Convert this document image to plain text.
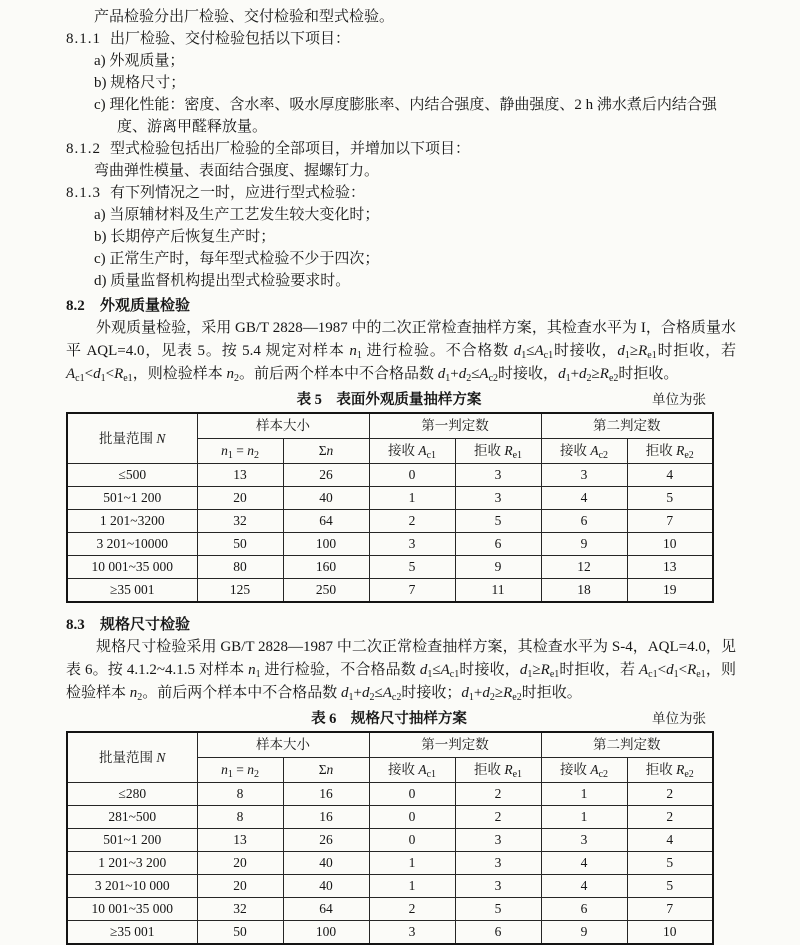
产品检验分出厂检验、交付检验和型式检验。

8.1.1 出厂检验、交付检验包括以下项目：

a) 外观质量；

b) 规格尺寸；

c) 理化性能：密度、含水率、吸水厚度膨胀率、内结合强度、静曲强度、2 h 沸水煮后内结合强度、游离甲醛释放量。

8.1.2 型式检验包括出厂检验的全部项目，并增加以下项目：

弯曲弹性模量、表面结合强度、握螺钉力。

8.1.3 有下列情况之一时，应进行型式检验：

a) 当原辅材料及生产工艺发生较大变化时；

b) 长期停产后恢复生产时；

c) 正常生产时，每年型式检验不少于四次；

d) 质量监督机构提出型式检验要求时。

8.2 外观质量检验

外观质量检验，采用 GB/T 2828—1987 中的二次正常检查抽样方案，其检查水平为 I，合格质量水平 AQL=4.0，见表 5。按 5.4 规定对样本 $n_1$ 进行检验。不合格数 $d_1\le A_{c1}$时接收，$d_1\ge R_{e1}$时拒收，若 $A_{c1}<d_1<R_{e1}$，则检验样本 $n_2$。前后两个样本中不合格品数 $d_1+d_2\le A_{c2}$时接收，$d_1+d_2\ge R_{e2}$时拒收。

表 5　表面外观质量抽样方案	单位为张
批量范围 N	样本大小		第一判定数		第二判定数	
	$n_1 = n_2$	Σn	接收 $A_{c1}$	拒收 $R_{e1}$	接收 $A_{c2}$	拒收 $R_{e2}$
≤500	13	26	0	3	3	4
501~1 200	20	40	1	3	4	5
1 201~3200	32	64	2	5	6	7
3 201~10000	50	100	3	6	9	10
10 001~35 000	80	160	5	9	12	13
≥35 001	125	250	7	11	18	19

8.3 规格尺寸检验

规格尺寸检验采用 GB/T 2828—1987 中二次正常检查抽样方案，其检查水平为 S-4，AQL=4.0，见表 6。按 4.1.2~4.1.5 对样本 $n_1$ 进行检验，不合格品数 $d_1\le A_{c1}$时接收，$d_1\ge R_{e1}$时拒收，若 $A_{c1}<d_1<R_{e1}$，则检验样本 $n_2$。前后两个样本中不合格品数 $d_1+d_2\le A_{c2}$时接收；$d_1+d_2\ge R_{e2}$时拒收。

表 6　规格尺寸抽样方案	单位为张
批量范围 N	样本大小		第一判定数		第二判定数	
	$n_1 = n_2$	Σn	接收 $A_{c1}$	拒收 $R_{e1}$	接收 $A_{c2}$	拒收 $R_{e2}$
≤280	8	16	0	2	1	2
281~500	8	16	0	2	1	2
501~1 200	13	26	0	3	3	4
1 201~3 200	20	40	1	3	4	5
3 201~10 000	20	40	1	3	4	5
10 001~35 000	32	64	2	5	6	7
≥35 001	50	100	3	6	9	10
